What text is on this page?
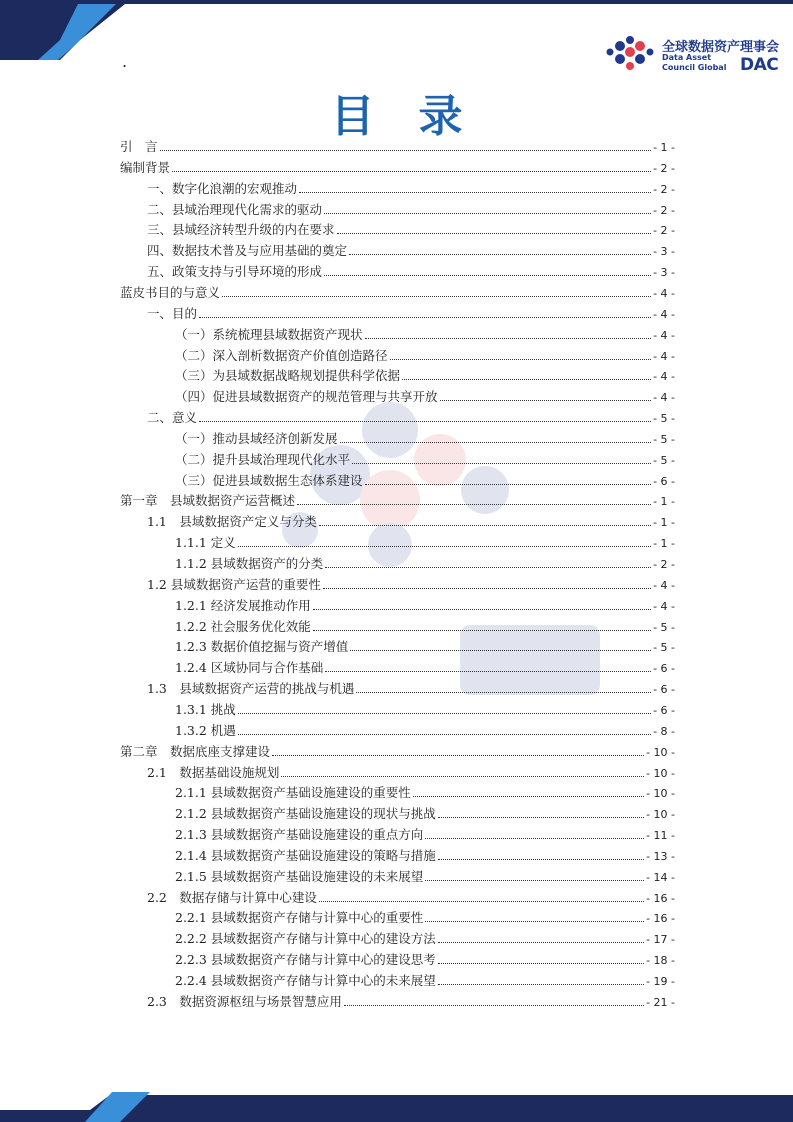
.
全球数据资产理事会
Data Asset
Council Global DAC
目录
引　言	- 1 -
编制背景	- 2 -
一、数字化浪潮的宏观推动	- 2 -
二、县域治理现代化需求的驱动	- 2 -
三、县域经济转型升级的内在要求	- 2 -
四、数据技术普及与应用基础的奠定	- 3 -
五、政策支持与引导环境的形成	- 3 -
蓝皮书目的与意义	- 4 -
一、目的	- 4 -
（一）系统梳理县域数据资产现状	- 4 -
（二）深入剖析数据资产价值创造路径	- 4 -
（三）为县域数据战略规划提供科学依据	- 4 -
（四）促进县域数据资产的规范管理与共享开放	- 4 -
二、意义	- 5 -
（一）推动县域经济创新发展	- 5 -
（二）提升县域治理现代化水平	- 5 -
（三）促进县域数据生态体系建设	- 6 -
第一章　县域数据资产运营概述	- 1 -
1.1　县域数据资产定义与分类	- 1 -
1.1.1 定义	- 1 -
1.1.2 县域数据资产的分类	- 2 -
1.2 县域数据资产运营的重要性	- 4 -
1.2.1 经济发展推动作用	- 4 -
1.2.2 社会服务优化效能	- 5 -
1.2.3 数据价值挖掘与资产增值	- 5 -
1.2.4 区域协同与合作基础	- 6 -
1.3　县域数据资产运营的挑战与机遇	- 6 -
1.3.1 挑战	- 6 -
1.3.2 机遇	- 8 -
第二章　数据底座支撑建设	- 10 -
2.1　数据基础设施规划	- 10 -
2.1.1 县域数据资产基础设施建设的重要性	- 10 -
2.1.2 县域数据资产基础设施建设的现状与挑战	- 10 -
2.1.3 县域数据资产基础设施建设的重点方向	- 11 -
2.1.4 县域数据资产基础设施建设的策略与措施	- 13 -
2.1.5 县域数据资产基础设施建设的未来展望	- 14 -
2.2　数据存储与计算中心建设	- 16 -
2.2.1 县域数据资产存储与计算中心的重要性	- 16 -
2.2.2 县域数据资产存储与计算中心的建设方法	- 17 -
2.2.3 县域数据资产存储与计算中心的建设思考	- 18 -
2.2.4 县域数据资产存储与计算中心的未来展望	- 19 -
2.3　数据资源枢纽与场景智慧应用	- 21 -
